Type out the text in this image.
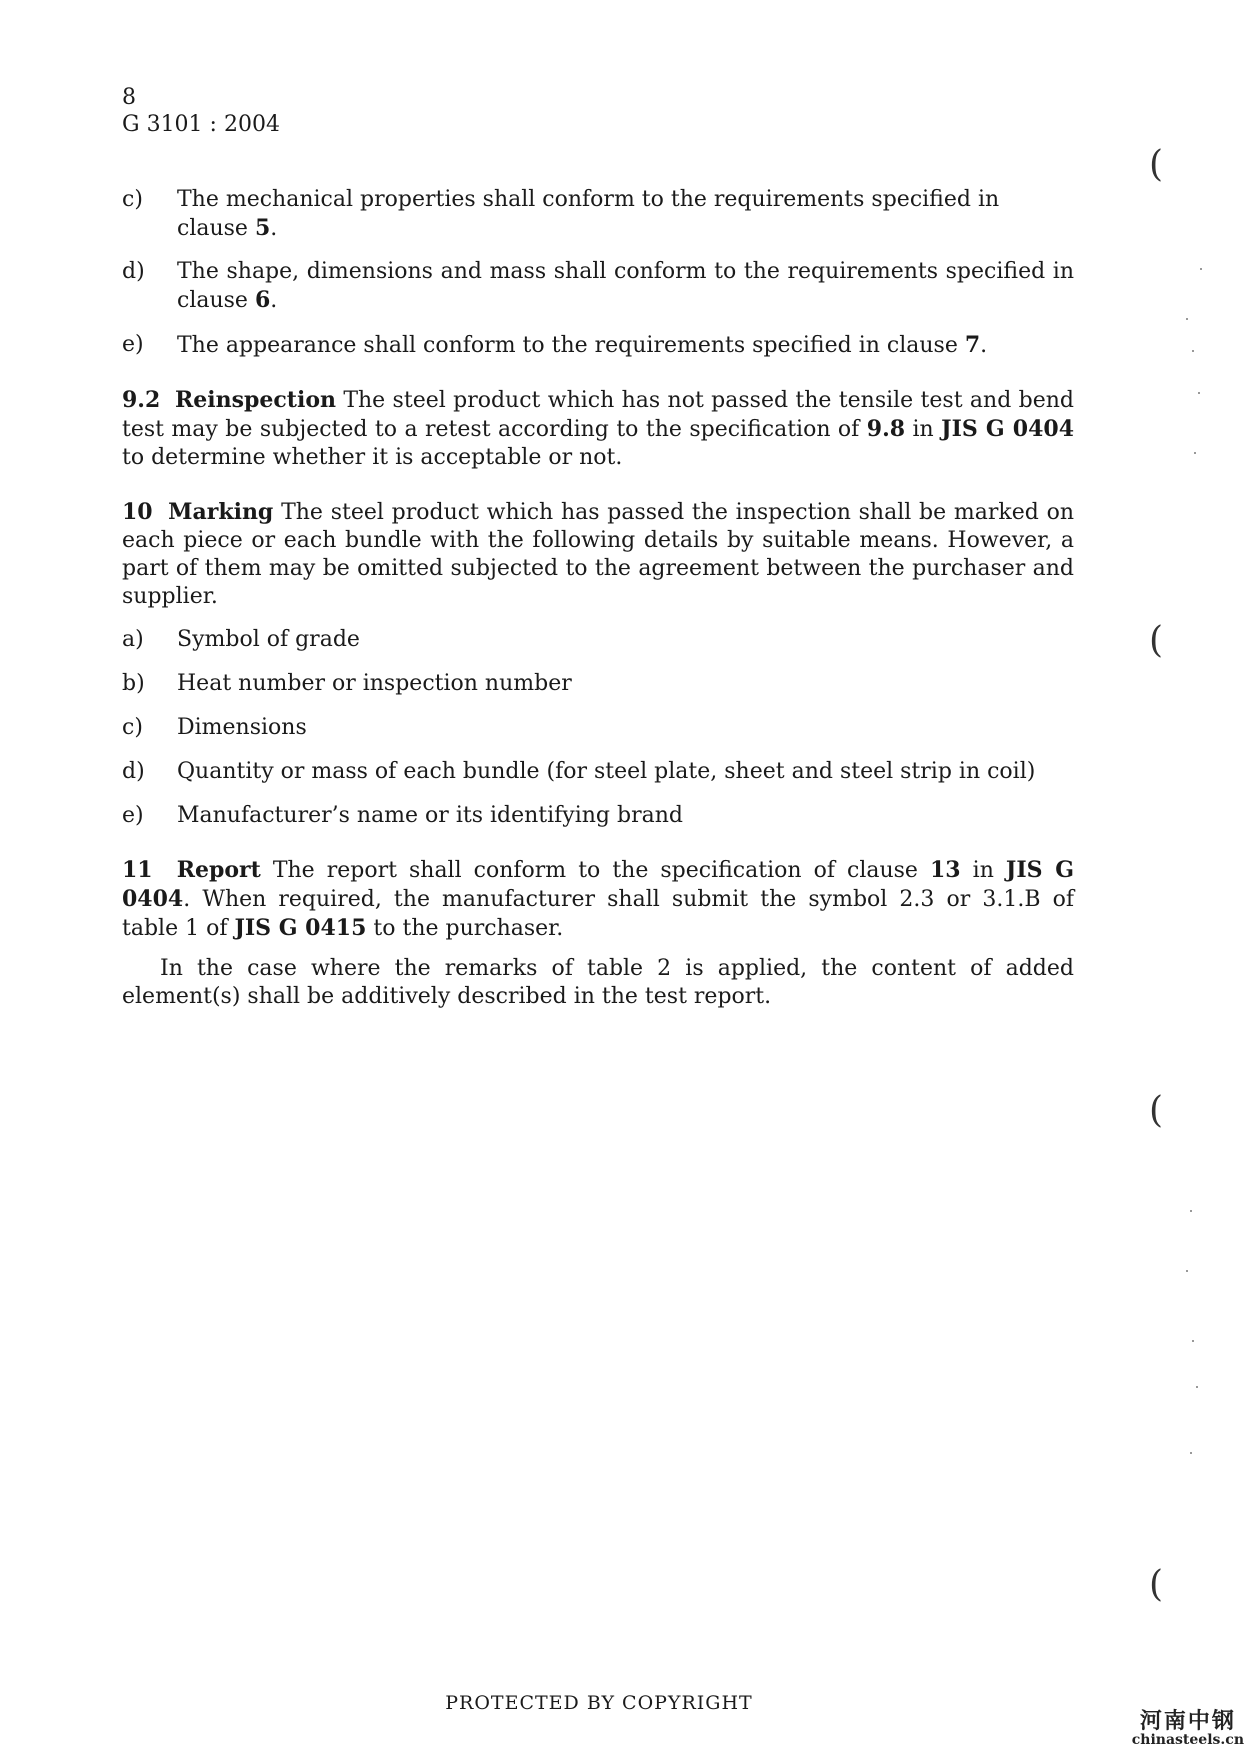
8
G 3101 : 2004
c) The mechanical properties shall conform to the requirements specified in clause 5.
d) The shape, dimensions and mass shall conform to the requirements specified in clause 6.
e) The appearance shall conform to the requirements specified in clause 7.
9.2 Reinspection The steel product which has not passed the tensile test and bend test may be subjected to a retest according to the specification of 9.8 in JIS G 0404 to determine whether it is acceptable or not.
10 Marking The steel product which has passed the inspection shall be marked on each piece or each bundle with the following details by suitable means. However, a part of them may be omitted subjected to the agreement between the purchaser and supplier.
a) Symbol of grade
b) Heat number or inspection number
c) Dimensions
d) Quantity or mass of each bundle (for steel plate, sheet and steel strip in coil)
e) Manufacturer’s name or its identifying brand
11 Report The report shall conform to the specification of clause 13 in JIS G 0404. When required, the manufacturer shall submit the symbol 2.3 or 3.1.B of table 1 of JIS G 0415 to the purchaser.
In the case where the remarks of table 2 is applied, the content of added element(s) shall be additively described in the test report.
(
(
(
(
PROTECTED BY COPYRIGHT
河南中钢
chinasteels.cn
